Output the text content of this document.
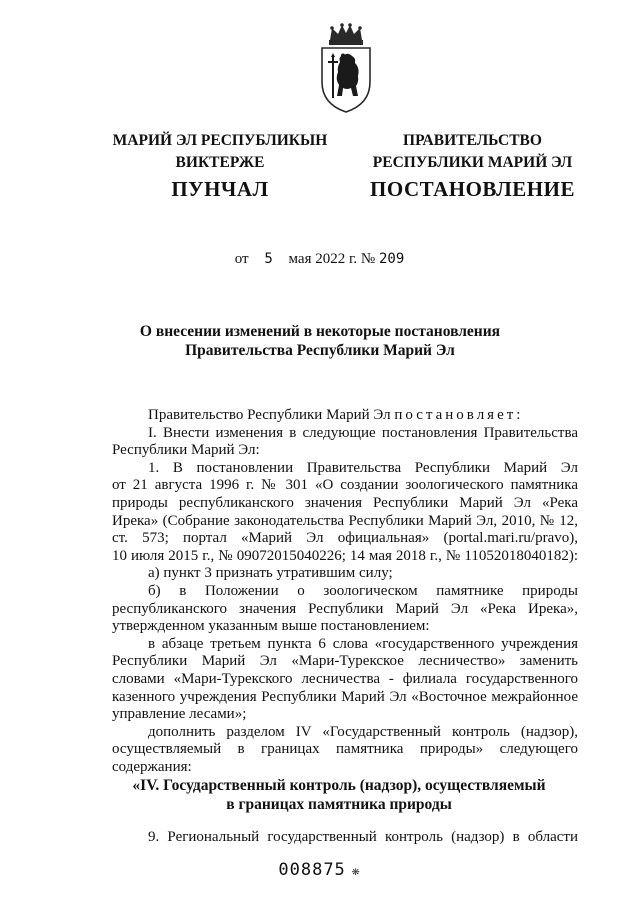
МАРИЙ ЭЛ РЕСПУБЛИКЫН
ВИКТЕРЖЕ
ПУНЧАЛ
ПРАВИТЕЛЬСТВО
РЕСПУБЛИКИ МАРИЙ ЭЛ
ПОСТАНОВЛЕНИЕ
от 5 мая 2022 г. № 209
О внесении изменений в некоторые постановления
Правительства Республики Марий Эл
Правительство Республики Марий Эл постановляет:
I. Внести изменения в следующие постановления Правительства
Республики Марий Эл:
1. В постановлении Правительства Республики Марий Эл
от 21 августа 1996 г. № 301 «О создании зоологического памятника
природы республиканского значения Республики Марий Эл «Река
Ирека» (Собрание законодательства Республики Марий Эл, 2010, № 12,
ст. 573; портал «Марий Эл официальная» (portal.mari.ru/pravo),
10 июля 2015 г., № 09072015040226; 14 мая 2018 г., № 11052018040182):
а) пункт 3 признать утратившим силу;
б) в Положении о зоологическом памятнике природы
республиканского значения Республики Марий Эл «Река Ирека»,
утвержденном указанным выше постановлением:
в абзаце третьем пункта 6 слова «государственного учреждения
Республики Марий Эл «Мари-Турекское лесничество» заменить
словами «Мари-Турекского лесничества - филиала государственного
казенного учреждения Республики Марий Эл «Восточное межрайонное
управление лесами»;
дополнить разделом IV «Государственный контроль (надзор),
осуществляемый в границах памятника природы» следующего
содержания:
«IV. Государственный контроль (надзор), осуществляемый
в границах памятника природы
9. Региональный государственный контроль (надзор) в области
008875 ❋
